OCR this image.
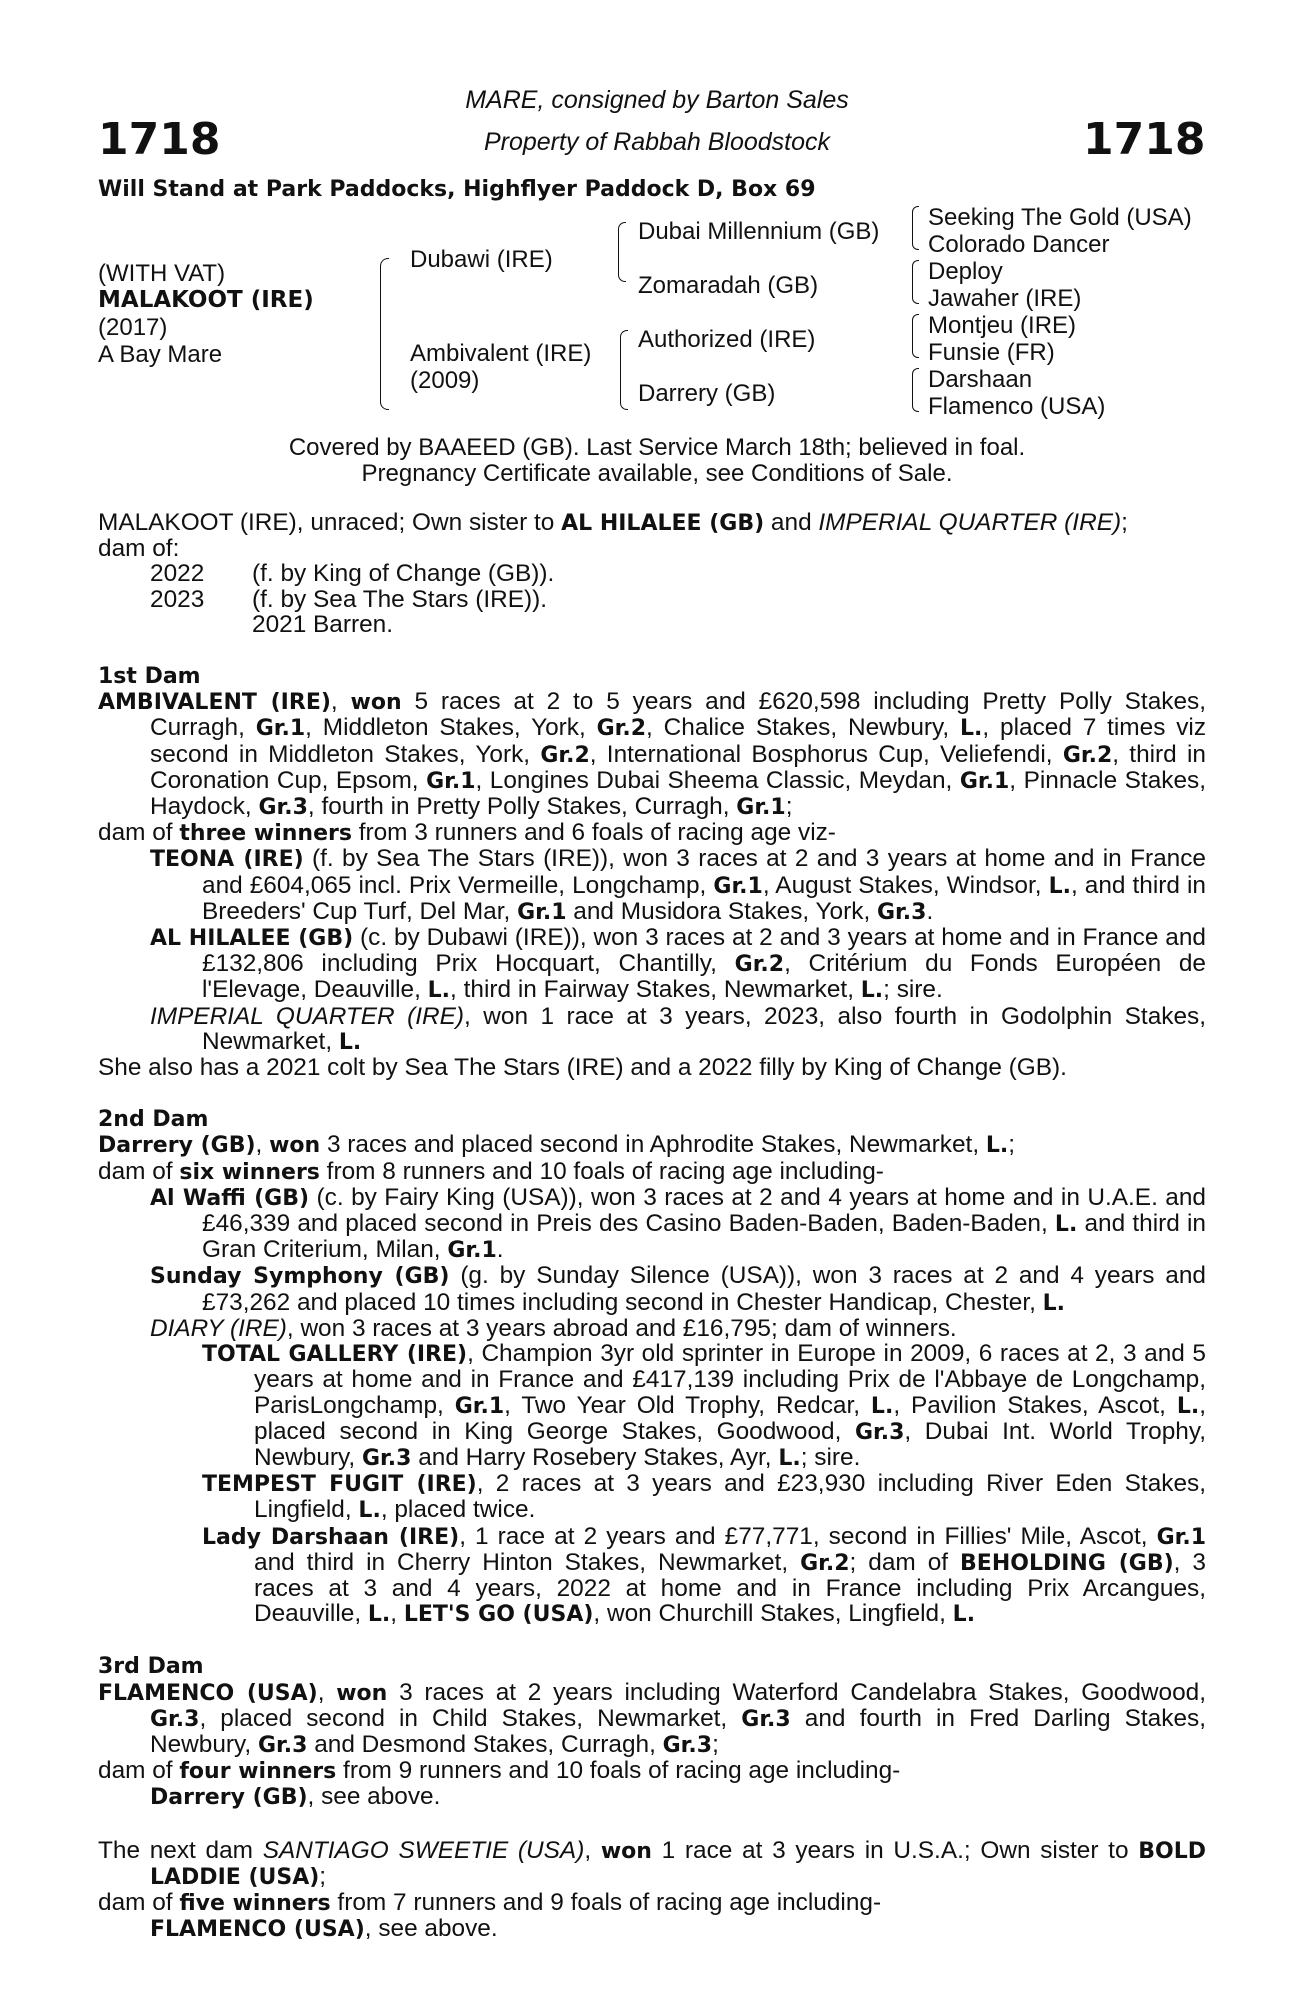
1718	1718
MARE, consigned by Barton Sales
Property of Rabbah Bloodstock
Will Stand at Park Paddocks, Highflyer Paddock D, Box 69
(WITH VAT)
MALAKOOT (IRE)
(2017)
A Bay Mare
Dubawi (IRE)
Ambivalent (IRE)
(2009)
Dubai Millennium (GB)
Zomaradah (GB)
Authorized (IRE)
Darrery (GB)
Seeking The Gold (USA)
Colorado Dancer
Deploy
Jawaher (IRE)
Montjeu (IRE)
Funsie (FR)
Darshaan
Flamenco (USA)
Covered by BAAEED (GB). Last Service March 18th; believed in foal.
Pregnancy Certificate available, see Conditions of Sale.

MALAKOOT (IRE), unraced; Own sister to AL HILALEE (GB) and IMPERIAL QUARTER (IRE);

dam of:

2022	(f. by King of Change (GB)).
2023	(f. by Sea The Stars (IRE)).
2021 Barren.

1st Dam

AMBIVALENT (IRE), won 5 races at 2 to 5 years and £620,598 including Pretty Polly Stakes, Curragh, Gr.1, Middleton Stakes, York, Gr.2, Chalice Stakes, Newbury, L., placed 7 times viz second in Middleton Stakes, York, Gr.2, International Bosphorus Cup, Veliefendi, Gr.2, third in Coronation Cup, Epsom, Gr.1, Longines Dubai Sheema Classic, Meydan, Gr.1, Pinnacle Stakes, Haydock, Gr.3, fourth in Pretty Polly Stakes, Curragh, Gr.1;

dam of three winners from 3 runners and 6 foals of racing age viz-

TEONA (IRE) (f. by Sea The Stars (IRE)), won 3 races at 2 and 3 years at home and in France and £604,065 incl. Prix Vermeille, Longchamp, Gr.1, August Stakes, Windsor, L., and third in Breeders' Cup Turf, Del Mar, Gr.1 and Musidora Stakes, York, Gr.3.

AL HILALEE (GB) (c. by Dubawi (IRE)), won 3 races at 2 and 3 years at home and in France and £132,806 including Prix Hocquart, Chantilly, Gr.2, Critérium du Fonds Européen de l'Elevage, Deauville, L., third in Fairway Stakes, Newmarket, L.; sire.

IMPERIAL QUARTER (IRE), won 1 race at 3 years, 2023, also fourth in Godolphin Stakes, Newmarket, L.

She also has a 2021 colt by Sea The Stars (IRE) and a 2022 filly by King of Change (GB).

2nd Dam

Darrery (GB), won 3 races and placed second in Aphrodite Stakes, Newmarket, L.;

dam of six winners from 8 runners and 10 foals of racing age including-

Al Waffi (GB) (c. by Fairy King (USA)), won 3 races at 2 and 4 years at home and in U.A.E. and £46,339 and placed second in Preis des Casino Baden-Baden, Baden-Baden, L. and third in Gran Criterium, Milan, Gr.1.

Sunday Symphony (GB) (g. by Sunday Silence (USA)), won 3 races at 2 and 4 years and £73,262 and placed 10 times including second in Chester Handicap, Chester, L.

DIARY (IRE), won 3 races at 3 years abroad and £16,795; dam of winners.

TOTAL GALLERY (IRE), Champion 3yr old sprinter in Europe in 2009, 6 races at 2, 3 and 5 years at home and in France and £417,139 including Prix de l'Abbaye de Longchamp, ParisLongchamp, Gr.1, Two Year Old Trophy, Redcar, L., Pavilion Stakes, Ascot, L., placed second in King George Stakes, Goodwood, Gr.3, Dubai Int. World Trophy, Newbury, Gr.3 and Harry Rosebery Stakes, Ayr, L.; sire.

TEMPEST FUGIT (IRE), 2 races at 3 years and £23,930 including River Eden Stakes, Lingfield, L., placed twice.

Lady Darshaan (IRE), 1 race at 2 years and £77,771, second in Fillies' Mile, Ascot, Gr.1 and third in Cherry Hinton Stakes, Newmarket, Gr.2; dam of BEHOLDING (GB), 3 races at 3 and 4 years, 2022 at home and in France including Prix Arcangues, Deauville, L., LET'S GO (USA), won Churchill Stakes, Lingfield, L.

3rd Dam

FLAMENCO (USA), won 3 races at 2 years including Waterford Candelabra Stakes, Goodwood, Gr.3, placed second in Child Stakes, Newmarket, Gr.3 and fourth in Fred Darling Stakes, Newbury, Gr.3 and Desmond Stakes, Curragh, Gr.3;

dam of four winners from 9 runners and 10 foals of racing age including-

Darrery (GB), see above.

The next dam SANTIAGO SWEETIE (USA), won 1 race at 3 years in U.S.A.; Own sister to BOLD LADDIE (USA);

dam of five winners from 7 runners and 9 foals of racing age including-

FLAMENCO (USA), see above.
